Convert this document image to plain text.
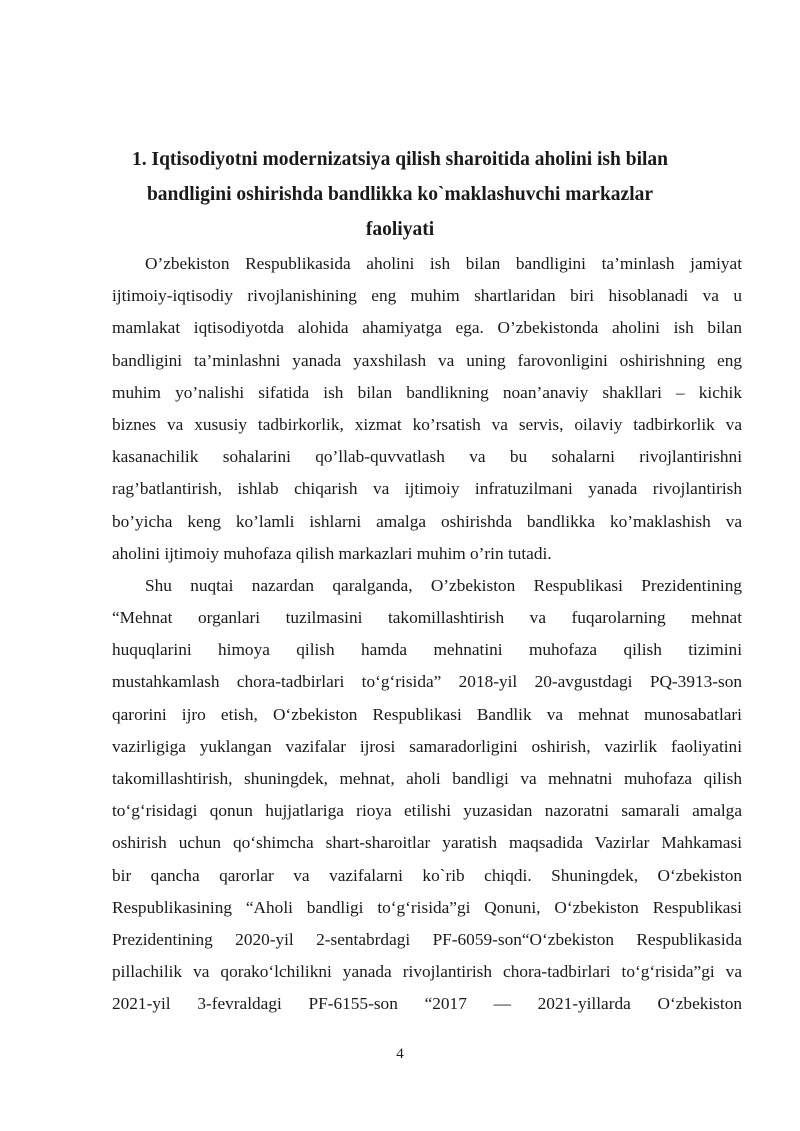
1. Iqtisodiyotni modernizatsiya qilish sharoitida aholini ish bilan
bandligini oshirishda bandlikka ko`maklashuvchi markazlar
faoliyati
O’zbekiston Respublikasida aholini ish bilan bandligini ta’minlash jamiyat
ijtimoiy-iqtisodiy rivojlanishining eng muhim shartlaridan biri hisoblanadi va u
mamlakat iqtisodiyotda alohida ahamiyatga ega. O’zbekistonda aholini ish bilan
bandligini ta’minlashni yanada yaxshilash va uning farovonligini oshirishning eng
muhim yo’nalishi sifatida ish bilan bandlikning noan’anaviy shakllari – kichik
biznes va xususiy tadbirkorlik, xizmat ko’rsatish va servis, oilaviy tadbirkorlik va
kasanachilik sohalarini qo’llab-quvvatlash va bu sohalarni rivojlantirishni
rag’batlantirish, ishlab chiqarish va ijtimoiy infratuzilmani yanada rivojlantirish
bo’yicha keng ko’lamli ishlarni amalga oshirishda bandlikka ko’maklashish va
aholini ijtimoiy muhofaza qilish markazlari muhim o’rin tutadi.
Shu nuqtai nazardan qaralganda, O’zbekiston Respublikasi Prezidentining
“Mehnat organlari tuzilmasini takomillashtirish va fuqarolarning mehnat
huquqlarini himoya qilish hamda mehnatini muhofaza qilish tizimini
mustahkamlash chora-tadbirlari to‘g‘risida” 2018-yil 20-avgustdagi PQ-3913-son
qarorini ijro etish, O‘zbekiston Respublikasi Bandlik va mehnat munosabatlari
vazirligiga yuklangan vazifalar ijrosi samaradorligini oshirish, vazirlik faoliyatini
takomillashtirish, shuningdek, mehnat, aholi bandligi va mehnatni muhofaza qilish
to‘g‘risidagi qonun hujjatlariga rioya etilishi yuzasidan nazoratni samarali amalga
oshirish uchun qo‘shimcha shart-sharoitlar yaratish maqsadida Vazirlar Mahkamasi
bir qancha qarorlar va vazifalarni ko`rib chiqdi. Shuningdek, O‘zbekiston
Respublikasining “Aholi bandligi to‘g‘risida”gi Qonuni, O‘zbekiston Respublikasi
Prezidentining 2020-yil 2-sentabrdagi PF-6059-son“O‘zbekiston Respublikasida
pillachilik va qorako‘lchilikni yanada rivojlantirish chora-tadbirlari to‘g‘risida”gi va
2021-yil 3-fevraldagi PF-6155-son “2017 — 2021-yillarda O‘zbekiston
4
